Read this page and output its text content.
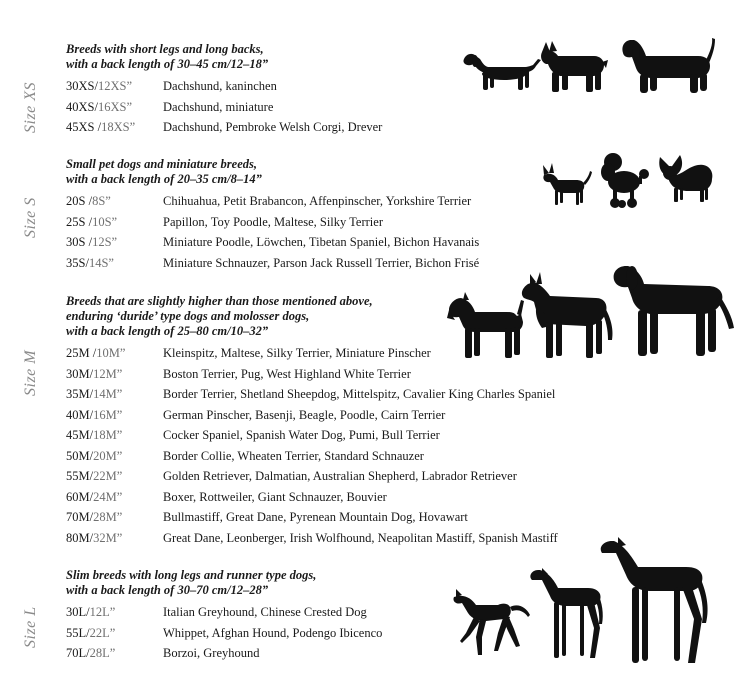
Size XS
Breeds with short legs and long backs,
with a back length of 30–45 cm/12–18”
30XS/12XS” Dachshund, kaninchen
40XS/16XS” Dachshund, miniature
45XS /18XS” Dachshund, Pembroke Welsh Corgi, Drever
Size S
Small pet dogs and miniature breeds,
with a back length of 20–35 cm/8–14”
20S /8S”	Chihuahua, Petit Brabancon, Affenpinscher, Yorkshire Terrier
25S /10S”	Papillon, Toy Poodle, Maltese, Silky Terrier
30S /12S”	Miniature Poodle, Löwchen, Tibetan Spaniel, Bichon Havanais
35S/14S”	Miniature Schnauzer, Parson Jack Russell Terrier, Bichon Frisé
Size M
Breeds that are slightly higher than those mentioned above,
enduring ‘duride’ type dogs and molosser dogs,
with a back length of 25–80 cm/10–32”
25M /10M”	Kleinspitz, Maltese, Silky Terrier, Miniature Pinscher
30M/12M”	Boston Terrier, Pug, West Highland White Terrier
35M/14M”	Border Terrier, Shetland Sheepdog, Mittelspitz, Cavalier King Charles Spaniel
40M/16M”	German Pinscher, Basenji, Beagle, Poodle, Cairn Terrier
45M/18M”	Cocker Spaniel, Spanish Water Dog, Pumi, Bull Terrier
50M/20M”	Border Collie, Wheaten Terrier, Standard Schnauzer
55M/22M”	Golden Retriever, Dalmatian, Australian Shepherd, Labrador Retriever
60M/24M”	Boxer, Rottweiler, Giant Schnauzer, Bouvier
70M/28M”	Bullmastiff, Great Dane, Pyrenean Mountain Dog, Hovawart
80M/32M”	Great Dane, Leonberger, Irish Wolfhound, Neapolitan Mastiff, Spanish Mastiff
Size L
Slim breeds with long legs and runner type dogs,
with a back length of 30–70 cm/12–28”
30L/12L”	Italian Greyhound, Chinese Crested Dog
55L/22L”	Whippet, Afghan Hound, Podengo Ibicenco
70L/28L”	Borzoi, Greyhound
